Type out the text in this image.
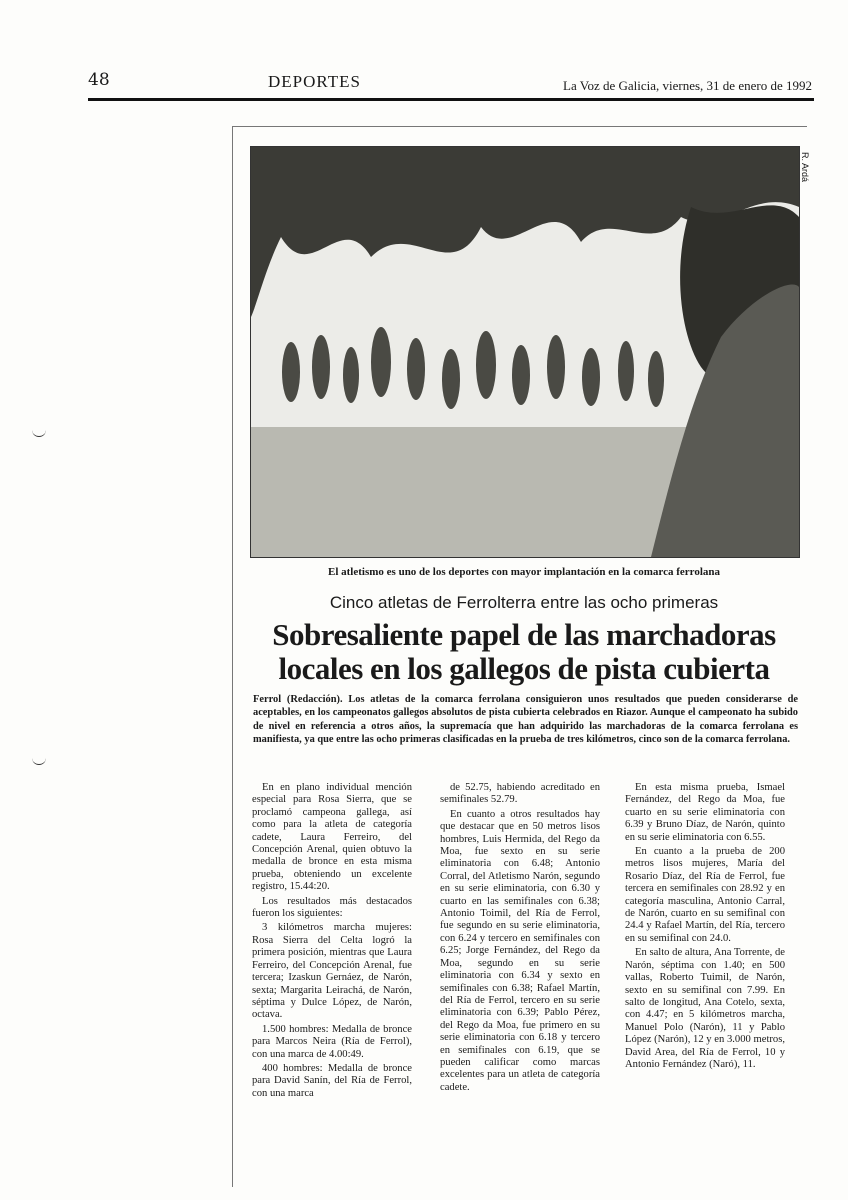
48	DEPORTES	La Voz de Galicia, viernes, 31 de enero de 1992
R. Ardá
El atletismo es uno de los deportes con mayor implantación en la comarca ferrolana
Cinco atletas de Ferrolterra entre las ocho primeras
Sobresaliente papel de las marchadoras locales en los gallegos de pista cubierta
Ferrol (Redacción). Los atletas de la comarca ferrolana consiguieron unos resultados que pueden considerarse de aceptables, en los campeonatos gallegos absolutos de pista cubierta celebrados en Riazor. Aunque el campeonato ha subido de nivel en referencia a otros años, la supremacía que han adquirido las marchadoras de la comarca ferrolana es manifiesta, ya que entre las ocho primeras clasificadas en la prueba de tres kilómetros, cinco son de la comarca ferrolana.

En en plano individual mención especial para Rosa Sierra, que se proclamó campeona gallega, así como para la atleta de categoría cadete, Laura Ferreiro, del Concepción Arenal, quien obtuvo la medalla de bronce en esta misma prueba, obteniendo un excelente registro, 15.44:20.

Los resultados más destacados fueron los siguientes:

3 kilómetros marcha mujeres: Rosa Sierra del Celta logró la primera posición, mientras que Laura Ferreiro, del Concepción Arenal, fue tercera; Izaskun Gernáez, de Narón, sexta; Margarita Leirachá, de Narón, séptima y Dulce López, de Narón, octava.

1.500 hombres: Medalla de bronce para Marcos Neira (Ría de Ferrol), con una marca de 4.00:49.

400 hombres: Medalla de bronce para David Sanín, del Ría de Ferrol, con una marca

de 52.75, habiendo acreditado en semifinales 52.79.

En cuanto a otros resultados hay que destacar que en 50 metros lisos hombres, Luis Hermida, del Rego da Moa, fue sexto en su serie eliminatoria con 6.48; Antonio Corral, del Atletismo Narón, segundo en su serie eliminatoria, con 6.30 y cuarto en las semifinales con 6.38; Antonio Toimil, del Ría de Ferrol, fue segundo en su serie eliminatoria, con 6.24 y tercero en semifinales con 6.25; Jorge Fernández, del Rego da Moa, segundo en su serie eliminatoria con 6.34 y sexto en semifinales con 6.38; Rafael Martín, del Ría de Ferrol, tercero en su serie eliminatoria con 6.39; Pablo Pérez, del Rego da Moa, fue primero en su serie eliminatoria con 6.18 y tercero en semifinales con 6.19, que se pueden calificar como marcas excelentes para un atleta de categoría cadete.

En esta misma prueba, Ismael Fernández, del Rego da Moa, fue cuarto en su serie eliminatoria con 6.39 y Bruno Díaz, de Narón, quinto en su serie eliminatoria con 6.55.

En cuanto a la prueba de 200 metros lisos mujeres, María del Rosario Díaz, del Ría de Ferrol, fue tercera en semifinales con 28.92 y en categoría masculina, Antonio Carral, de Narón, cuarto en su semifinal con 24.4 y Rafael Martín, del Ría, tercero en su semifinal con 24.0.

En salto de altura, Ana Torrente, de Narón, séptima con 1.40; en 500 vallas, Roberto Tuimil, de Narón, sexto en su semifinal con 7.99. En salto de longitud, Ana Cotelo, sexta, con 4.47; en 5 kilómetros marcha, Manuel Polo (Narón), 11 y Pablo López (Narón), 12 y en 3.000 metros, David Area, del Ría de Ferrol, 10 y Antonio Fernández (Naró), 11.
